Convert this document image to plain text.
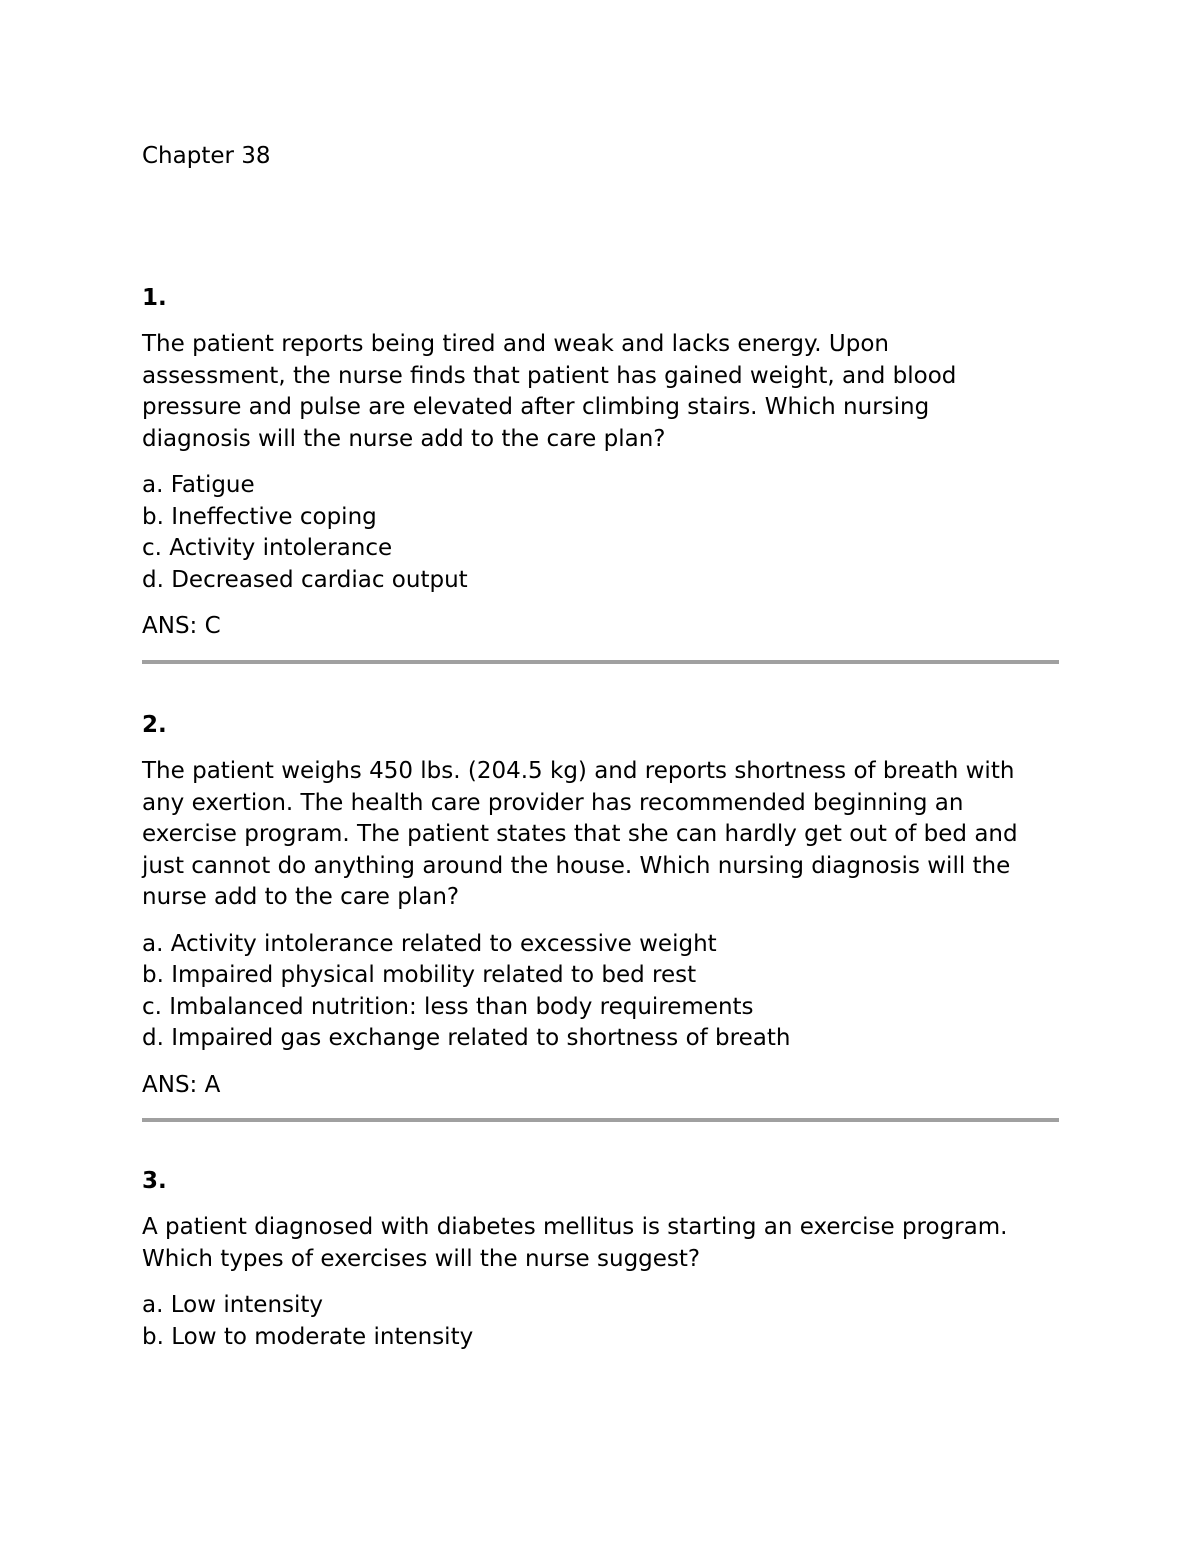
Chapter 38

1.

The patient reports being tired and weak and lacks energy. Upon assessment, the nurse finds that patient has gained weight, and blood pressure and pulse are elevated after climbing stairs. Which nursing diagnosis will the nurse add to the care plan?

a. Fatigue
b. Ineffective coping
c. Activity intolerance
d. Decreased cardiac output

ANS: C

2.

The patient weighs 450 lbs. (204.5 kg) and reports shortness of breath with any exertion. The health care provider has recommended beginning an exercise program. The patient states that she can hardly get out of bed and just cannot do anything around the house. Which nursing diagnosis will the nurse add to the care plan?

a. Activity intolerance related to excessive weight
b. Impaired physical mobility related to bed rest
c. Imbalanced nutrition: less than body requirements
d. Impaired gas exchange related to shortness of breath

ANS: A

3.

A patient diagnosed with diabetes mellitus is starting an exercise program. Which types of exercises will the nurse suggest?

a. Low intensity
b. Low to moderate intensity
